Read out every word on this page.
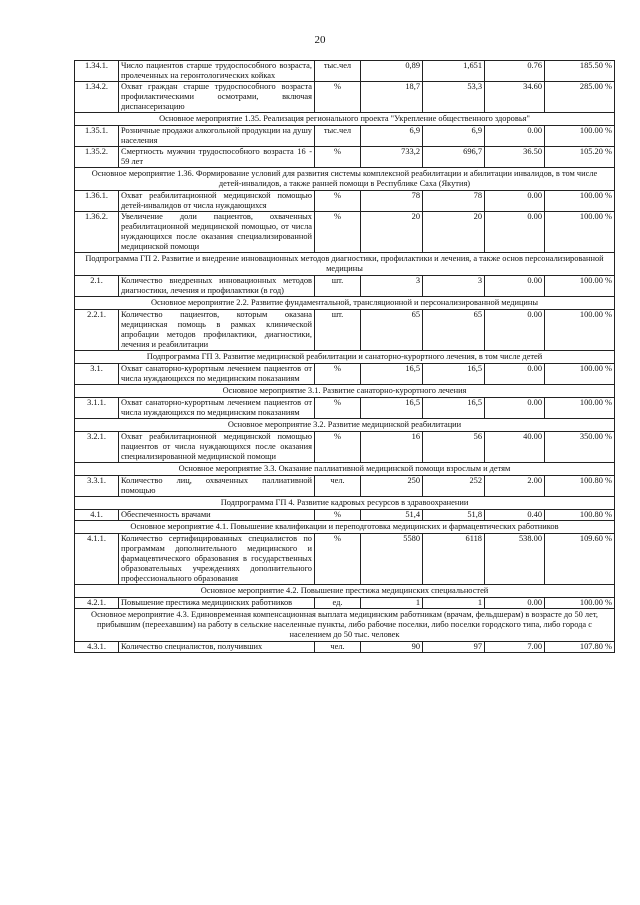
20
1.34.1.	Число пациентов старше трудоспособного возраста, пролеченных на геронтологических койках	тыс.чел	0,89	1,651	0.76	185.50 %
1.34.2.	Охват граждан старше трудоспособного возраста профилактическими осмотрами, включая диспансеризацию	%	18,7	53,3	34.60	285.00 %
Основное мероприятие 1.35. Реализация регионального проекта "Укрепление общественного здоровья"						
1.35.1.	Розничные продажи алкогольной продукции на душу населения	тыс.чел	6,9	6,9	0.00	100.00 %
1.35.2.	Смертность мужчин трудоспособного возраста 16 - 59 лет	%	733,2	696,7	36.50	105.20 %
Основное мероприятие 1.36. Формирование условий для развития системы комплексной реабилитации и абилитации инвалидов, в том числе детей-инвалидов, а также ранней помощи в Республике Саха (Якутия)						
1.36.1.	Охват реабилитационной медицинской помощью детей-инвалидов от числа нуждающихся	%	78	78	0.00	100.00 %
1.36.2.	Увеличение доли пациентов, охваченных реабилитационной медицинской помощью, от числа нуждающихся после оказания специализированной медицинской помощи	%	20	20	0.00	100.00 %
Подпрограмма ГП 2. Развитие и внедрение инновационных методов диагностики, профилактики и лечения, а также основ персонализированной медицины						
2.1.	Количество внедренных инновационных методов диагностики, лечения и профилактики (в год)	шт.	3	3	0.00	100.00 %
Основное мероприятие 2.2. Развитие фундаментальной, трансляционной и персонализированной медицины						
2.2.1.	Количество пациентов, которым оказана медицинская помощь в рамках клинической апробации методов профилактики, диагностики, лечения и реабилитации	шт.	65	65	0.00	100.00 %
Подпрограмма ГП 3. Развитие медицинской реабилитации и санаторно-курортного лечения, в том числе детей						
3.1.	Охват санаторно-курортным лечением пациентов от числа нуждающихся по медицинским показаниям	%	16,5	16,5	0.00	100.00 %
Основное мероприятие 3.1. Развитие санаторно-курортного лечения						
3.1.1.	Охват санаторно-курортным лечением пациентов от числа нуждающихся по медицинским показаниям	%	16,5	16,5	0.00	100.00 %
Основное мероприятие 3.2. Развитие медицинской реабилитации						
3.2.1.	Охват реабилитационной медицинской помощью пациентов от числа нуждающихся после оказания специализированной медицинской помощи	%	16	56	40.00	350.00 %
Основное мероприятие 3.3. Оказание паллиативной медицинской помощи взрослым и детям						
3.3.1.	Количество лиц, охваченных паллиативной помощью	чел.	250	252	2.00	100.80 %
Подпрограмма ГП 4. Развитие кадровых ресурсов в здравоохранении						
4.1.	Обеспеченность врачами	%	51,4	51,8	0.40	100.80 %
Основное мероприятие 4.1. Повышение квалификации и переподготовка медицинских и фармацевтических работников						
4.1.1.	Количество сертифицированных специалистов по программам дополнительного медицинского и фармацевтического образования в государственных образовательных учреждениях дополнительного профессионального образования	%	5580	6118	538.00	109.60 %
Основное мероприятие 4.2. Повышение престижа медицинских специальностей						
4.2.1.	Повышение престижа медицинских работников	ед.	1	1	0.00	100.00 %
Основное мероприятие 4.3. Единовременная компенсационная выплата медицинским работникам (врачам, фельдшерам) в возрасте до 50 лет, прибывшим (переехавшим) на работу в сельские населенные пункты, либо рабочие поселки, либо поселки городского типа, либо города с населением до 50 тыс. человек						
4.3.1.	Количество специалистов, получивших	чел.	90	97	7.00	107.80 %
